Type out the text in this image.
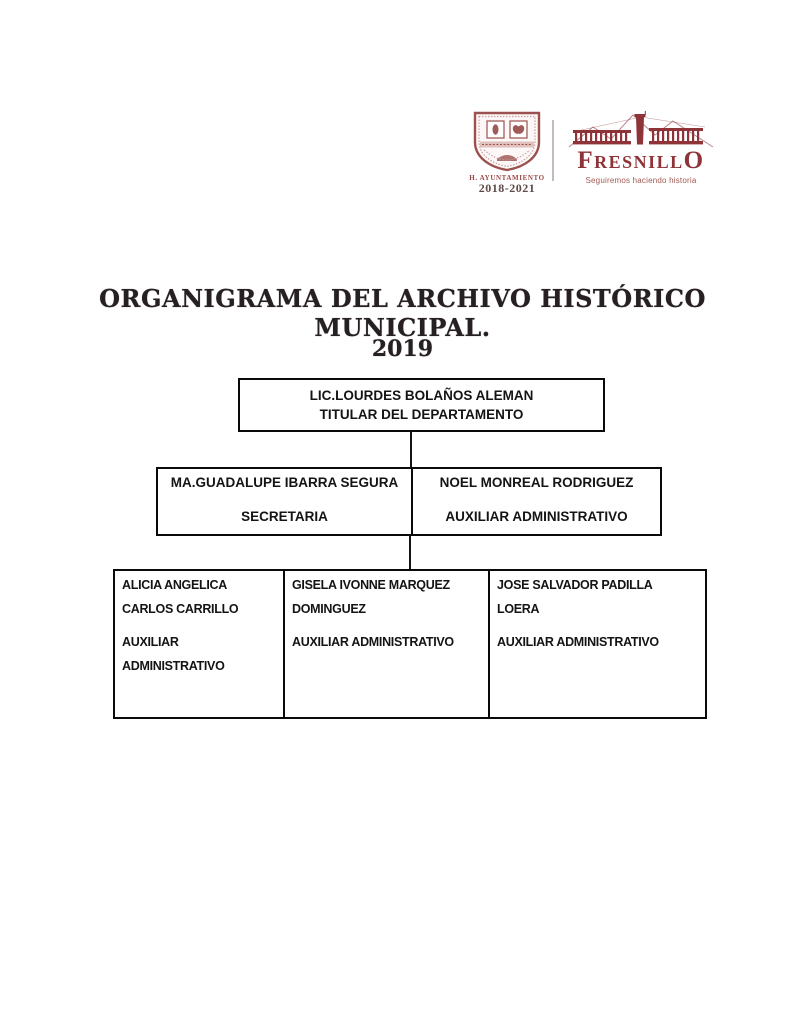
H. AYUNTAMIENTO
2018-2021
FRESNILLO
Seguiremos haciendo historia
ORGANIGRAMA DEL ARCHIVO HISTÓRICO MUNICIPAL.
2019
LIC.LOURDES BOLAÑOS ALEMAN
TITULAR DEL DEPARTAMENTO
MA.GUADALUPE IBARRA SEGURA
SECRETARIA
NOEL MONREAL RODRIGUEZ
AUXILIAR ADMINISTRATIVO
ALICIA ANGELICA CARLOS CARRILLO
AUXILIAR ADMINISTRATIVO
GISELA IVONNE MARQUEZ DOMINGUEZ
AUXILIAR ADMINISTRATIVO
JOSE SALVADOR PADILLA LOERA
AUXILIAR ADMINISTRATIVO
